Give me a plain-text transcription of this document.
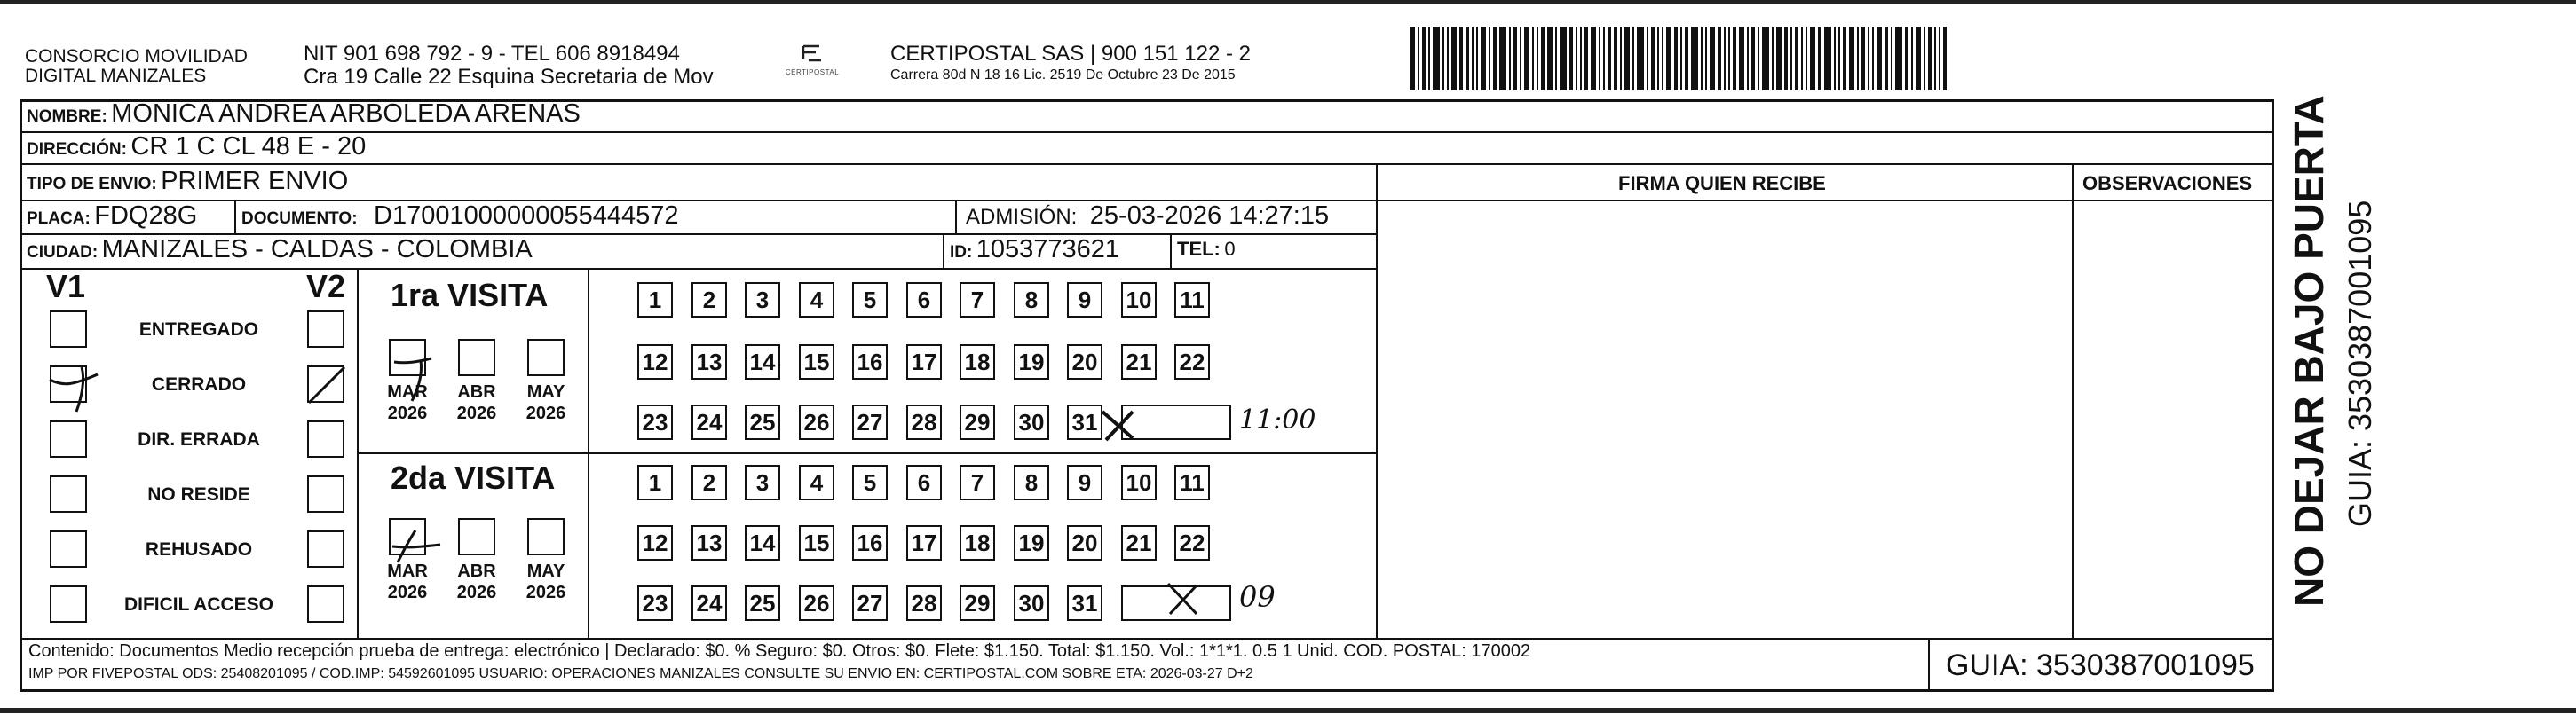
CONSORCIO MOVILIDAD
DIGITAL MANIZALES
NIT 901 698 792 - 9 - TEL 606 8918494
Cra 19 Calle 22 Esquina Secretaria de Mov	CERTIPOSTAL
CERTIPOSTAL SAS | 900 151 122 - 2
Carrera 80d N 18 16 Lic. 2519 De Octubre 23 De 2015
NOMBRE: MONICA ANDREA ARBOLEDA ARENAS
DIRECCIÓN: CR 1 C CL 48 E - 20
TIPO DE ENVIO: PRIMER ENVIO	FIRMA QUIEN RECIBE	OBSERVACIONES
PLACA: FDQ28G	DOCUMENTO: D17001000000055444572	ADMISIÓN: 25-03-2026 14:27:15
CIUDAD: MANIZALES - CALDAS - COLOMBIA	ID: 1053773621	TEL: 0
V1	V2
ENTREGADO
CERRADO
DIR. ERRADA
NO RESIDE
REHUSADO
DIFICIL ACCESO
1ra VISITA
2da VISITA
MAR
2026
ABR
2026
MAY
2026
MAR
2026
ABR
2026
MAY
2026
1	2	3	4	5	6	7	8	9	10 11
12 13 14 15 16 17 18 19 20 21 22
23 24 25 26 27 28 29 30 31
1	2	3	4	5	6	7	8	9	10 11
12 13 14 15 16 17 18 19 20 21 22
23 24 25 26 27 28 29 30 31
11:00
09	NO DEJAR BAJO PUERTA GUIA: 3530387001095
Contenido: Documentos Medio recepción prueba de entrega: electrónico | Declarado: $0. % Seguro: $0. Otros: $0. Flete: $1.150. Total: $1.150. Vol.: 1*1*1. 0.5 1 Unid. COD. POSTAL: 170002
IMP POR FIVEPOSTAL ODS: 25408201095 / COD.IMP: 54592601095 USUARIO: OPERACIONES MANIZALES CONSULTE SU ENVIO EN: CERTIPOSTAL.COM SOBRE ETA: 2026-03-27 D+2	GUIA: 3530387001095
